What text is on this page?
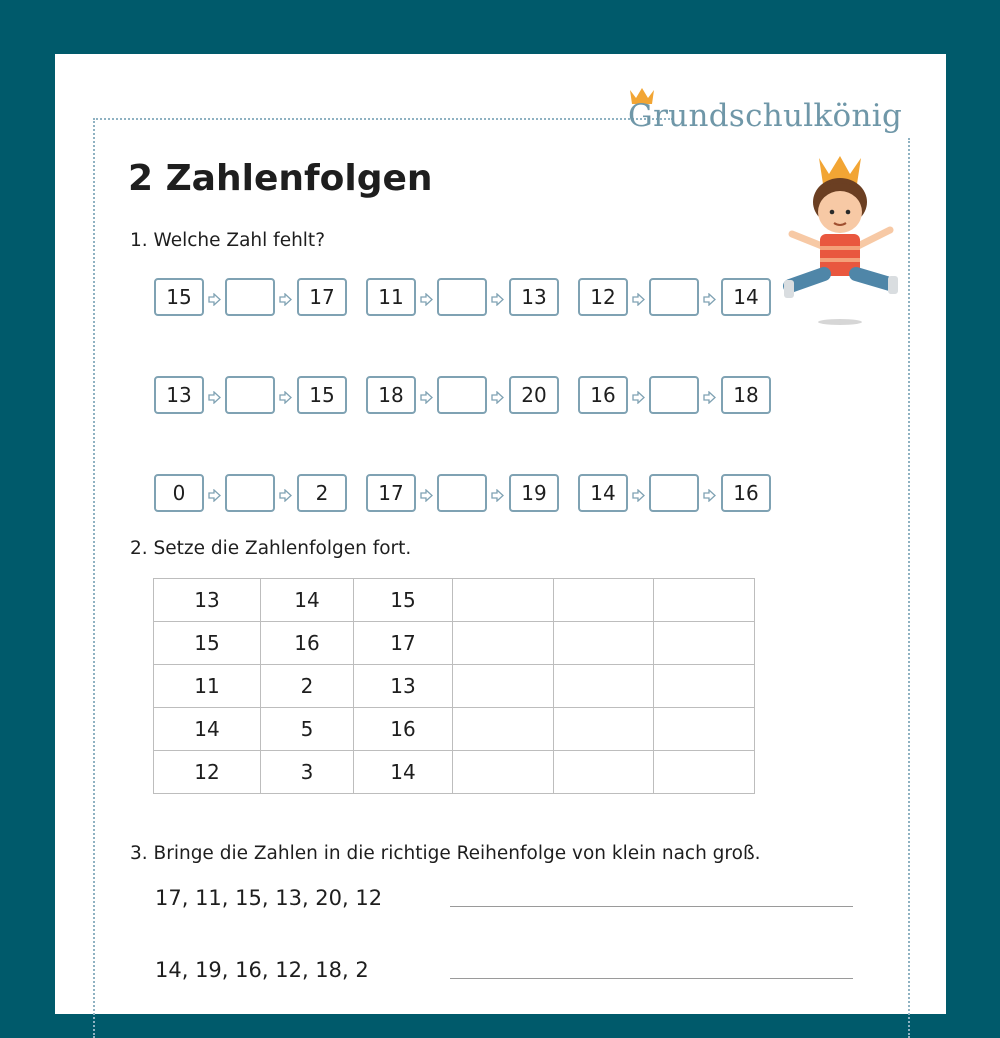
Grundschulkönig
2 Zahlenfolgen
1. Welche Zahl fehlt?
2. Setze die Zahlenfolgen fort.
13	14	15			
15	16	17			
11	2	13			
14	5	16			
12	3	14			
3. Bringe die Zahlen in die richtige Reihenfolge von klein nach groß.
17, 11, 15, 13, 20, 12
14, 19, 16, 12, 18, 2
15	17	11	13	12	14
13	15	18	20	16	18
0	2	17	19	14	16
